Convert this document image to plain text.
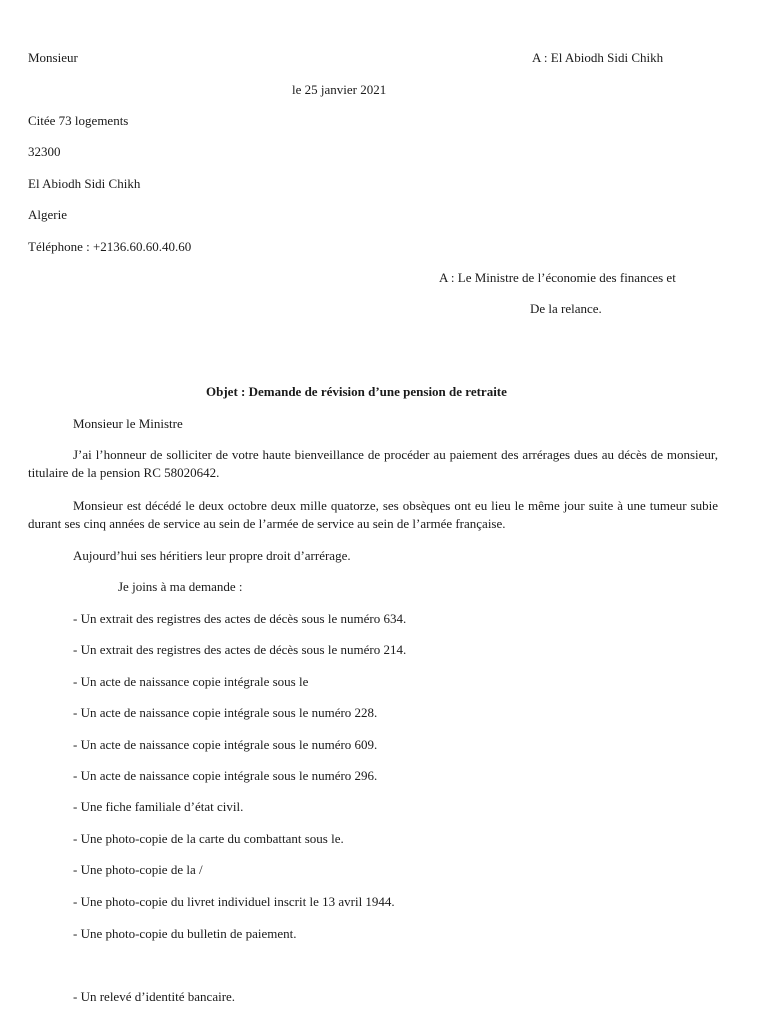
Monsieur	A : El Abiodh Sidi Chikh
le 25 janvier 2021
Citée 73 logements
32300
El Abiodh Sidi Chikh
Algerie
Téléphone : +2136.60.60.40.60
A : Le Ministre de l’économie des finances et
De la relance.
Objet : Demande de révision d’une pension de retraite
Monsieur le Ministre
J’ai l’honneur de solliciter de votre haute bienveillance de procéder au paiement des arrérages dues au décès de monsieur, titulaire de la pension RC 58020642.
Monsieur est décédé le deux octobre deux mille quatorze, ses obsèques ont eu lieu le même jour suite à une tumeur subie durant ses cinq années de service au sein de l’armée de service au sein de l’armée française.
Aujourd’hui ses héritiers leur propre droit d’arrérage.
Je joins à ma demande :
- Un extrait des registres des actes de décès sous le numéro 634.
- Un extrait des registres des actes de décès sous le numéro 214.
- Un acte de naissance copie intégrale sous le
- Un acte de naissance copie intégrale sous le numéro 228.
- Un acte de naissance copie intégrale sous le numéro 609.
- Un acte de naissance copie intégrale sous le numéro 296.
- Une fiche familiale d’état civil.
- Une photo-copie de la carte du combattant sous le.
- Une photo-copie de la /
- Une photo-copie du livret individuel inscrit le 13 avril 1944.
- Une photo-copie du bulletin de paiement.
- Un relevé d’identité bancaire.
